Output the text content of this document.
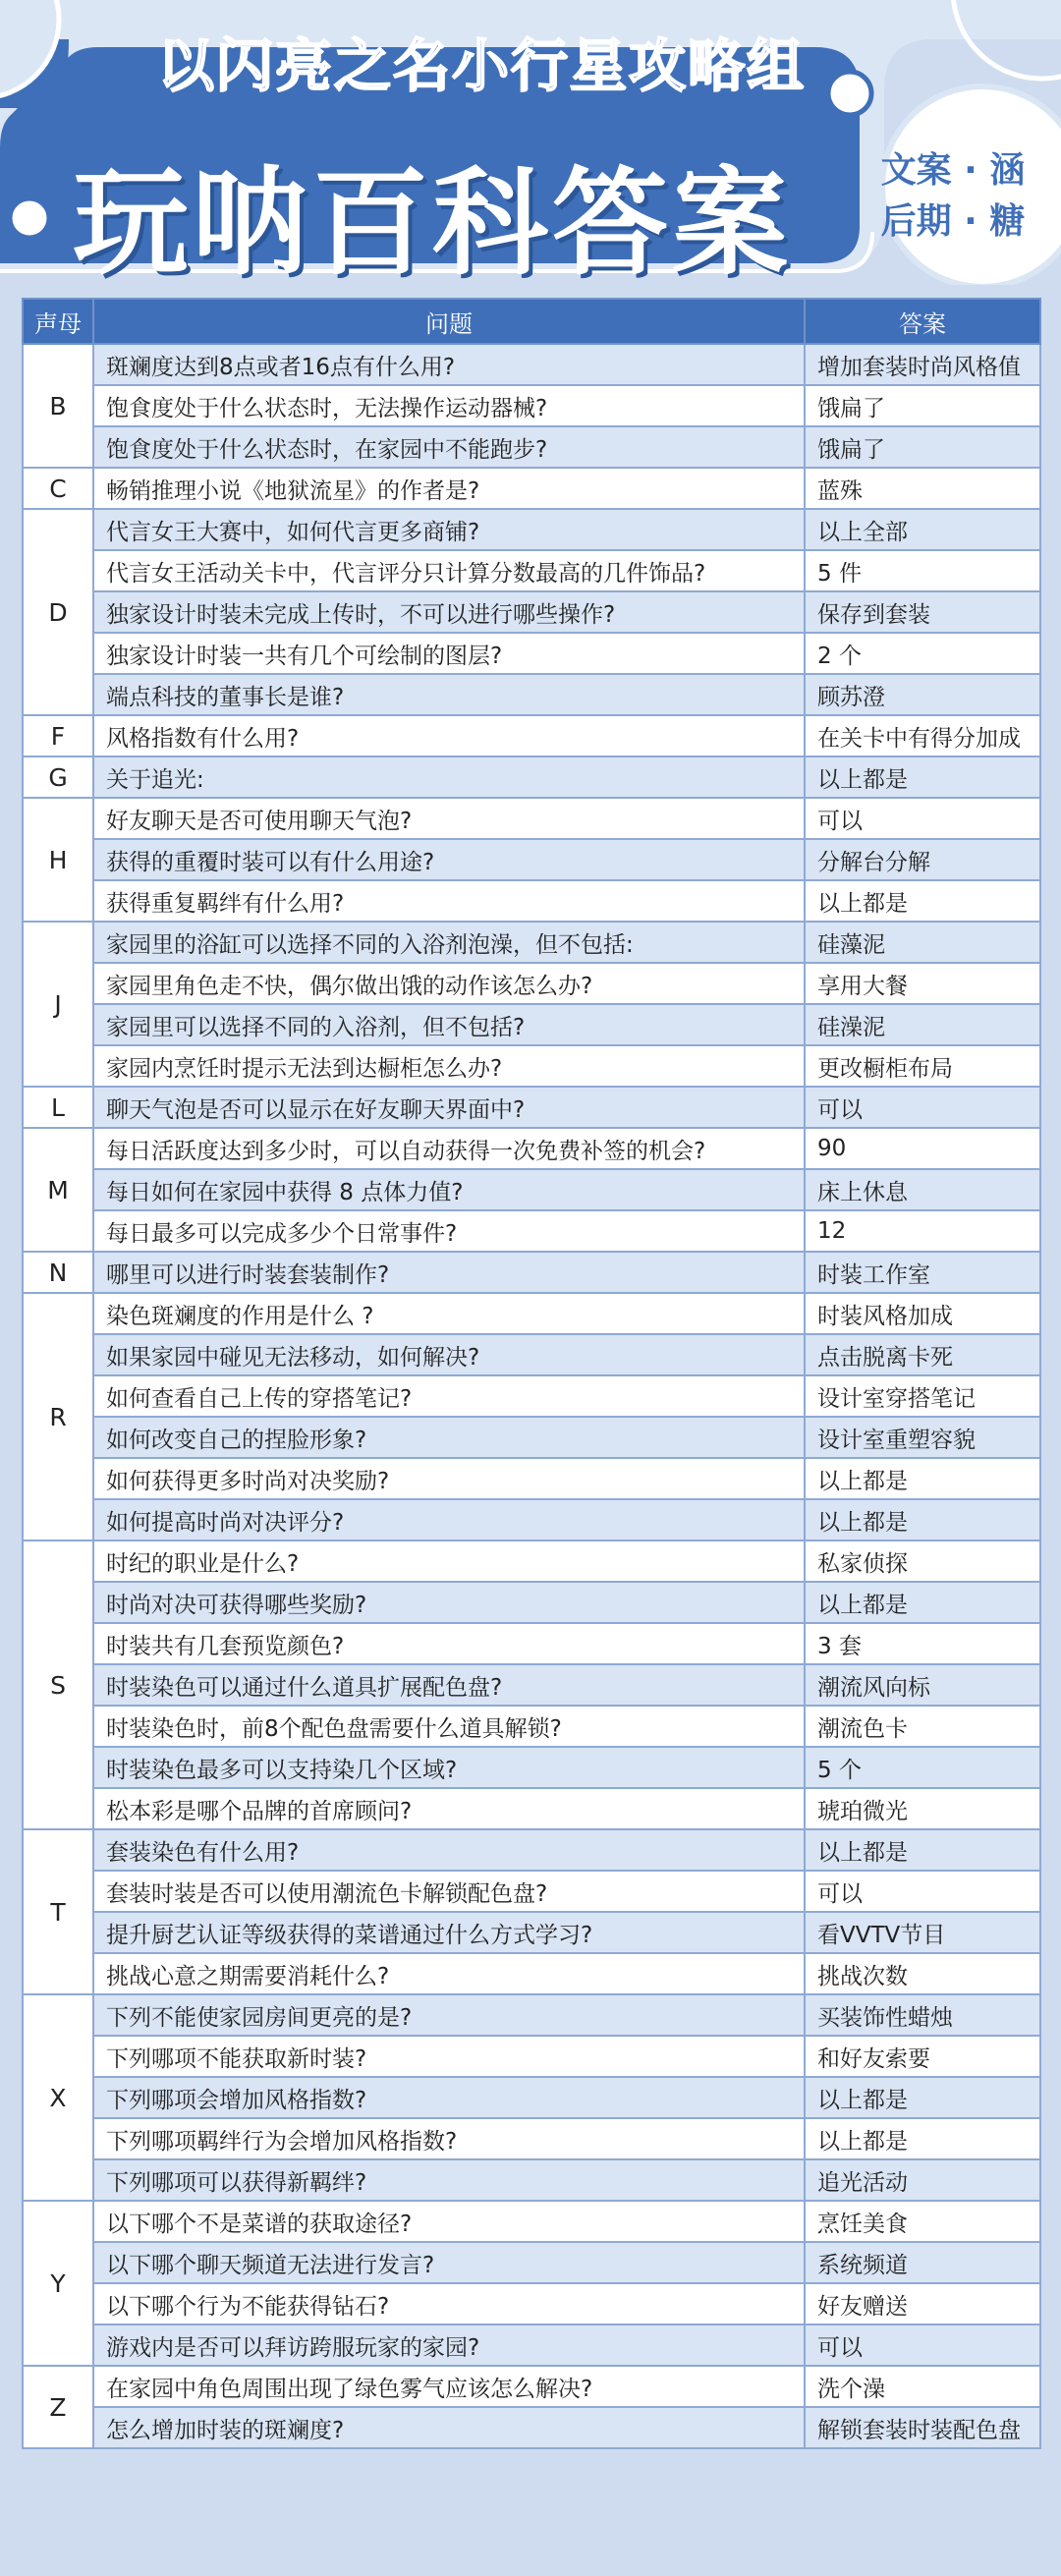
以闪亮之名小行星攻略组
玩呐百科答案	文案 · 涵
后期 · 糖
声母	问题	答案
B	斑斓度达到8点或者16点有什么用?	增加套装时尚风格值
	饱食度处于什么状态时，无法操作运动器械?	饿扁了
	饱食度处于什么状态时，在家园中不能跑步?	饿扁了
C	畅销推理小说《地狱流星》的作者是?	蓝殊
D	代言女王大赛中，如何代言更多商铺?	以上全部
	代言女王活动关卡中，代言评分只计算分数最高的几件饰品?	5 件
	独家设计时装未完成上传时，不可以进行哪些操作?	保存到套装
	独家设计时装一共有几个可绘制的图层?	2 个
	端点科技的董事长是谁?	顾苏澄
F	风格指数有什么用?	在关卡中有得分加成
G	关于追光:	以上都是
H	好友聊天是否可使用聊天气泡?	可以
	获得的重覆时装可以有什么用途?	分解台分解
	获得重复羁绊有什么用?	以上都是
J	家园里的浴缸可以选择不同的入浴剂泡澡，但不包括:	硅藻泥
	家园里角色走不快，偶尔做出饿的动作该怎么办?	享用大餐
	家园里可以选择不同的入浴剂，但不包括?	硅澡泥
	家园内烹饪时提示无法到达橱柜怎么办?	更改橱柜布局
L	聊天气泡是否可以显示在好友聊天界面中?	可以
M	每日活跃度达到多少时，可以自动获得一次免费补签的机会?	90
	每日如何在家园中获得 8 点体力值?	床上休息
	每日最多可以完成多少个日常事件?	12
N	哪里可以进行时装套装制作?	时装工作室
R	染色斑斓度的作用是什么 ?	时装风格加成
	如果家园中碰见无法移动，如何解决?	点击脱离卡死
	如何查看自己上传的穿搭笔记?	设计室穿搭笔记
	如何改变自己的捏脸形象?	设计室重塑容貌
	如何获得更多时尚对决奖励?	以上都是
	如何提高时尚对决评分?	以上都是
S	时纪的职业是什么?	私家侦探
	时尚对决可获得哪些奖励?	以上都是
	时装共有几套预览颜色?	3 套
	时装染色可以通过什么道具扩展配色盘?	潮流风向标
	时装染色时，前8个配色盘需要什么道具解锁?	潮流色卡
	时装染色最多可以支持染几个区域?	5 个
	松本彩是哪个品牌的首席顾问?	琥珀微光
T	套装染色有什么用?	以上都是
	套装时装是否可以使用潮流色卡解锁配色盘?	可以
	提升厨艺认证等级获得的菜谱通过什么方式学习?	看VVTV节目
	挑战心意之期需要消耗什么?	挑战次数
X	下列不能使家园房间更亮的是?	买装饰性蜡烛
	下列哪项不能获取新时装?	和好友索要
	下列哪项会增加风格指数?	以上都是
	下列哪项羁绊行为会增加风格指数?	以上都是
	下列哪项可以获得新羁绊?	追光活动
Y	以下哪个不是菜谱的获取途径?	烹饪美食
	以下哪个聊天频道无法进行发言?	系统频道
	以下哪个行为不能获得钻石?	好友赠送
	游戏内是否可以拜访跨服玩家的家园?	可以
Z	在家园中角色周围出现了绿色雾气应该怎么解决?	洗个澡
	怎么增加时装的斑斓度?	解锁套装时装配色盘
